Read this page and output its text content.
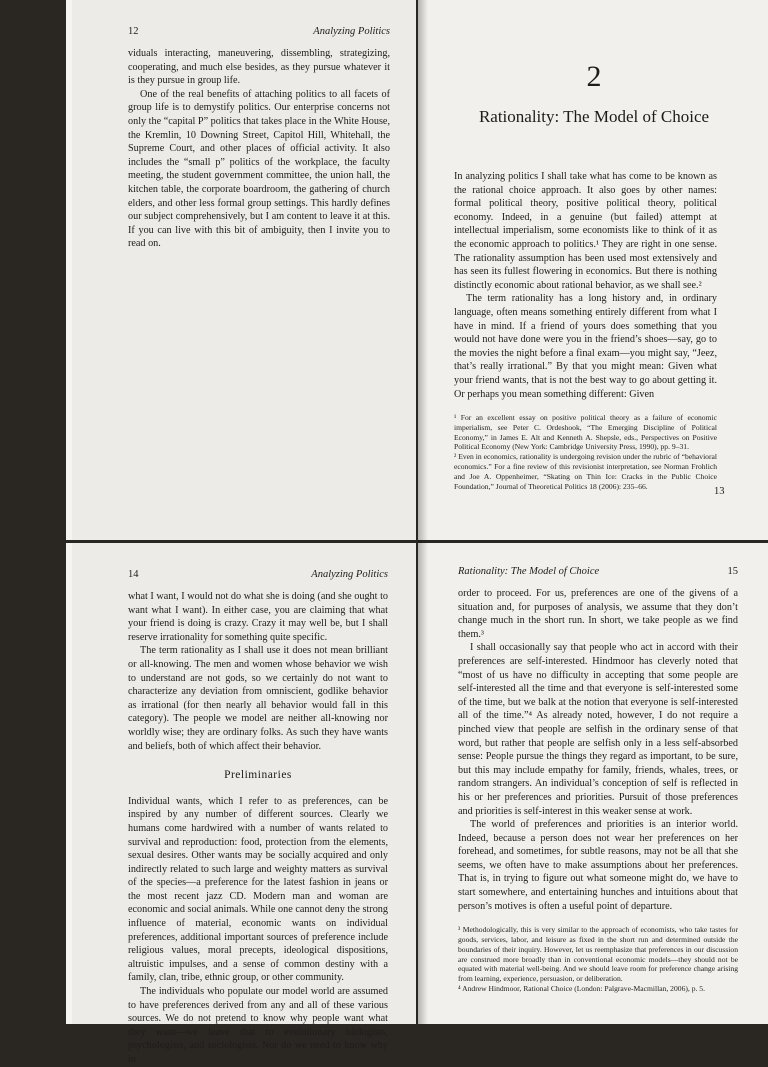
12	Analyzing Politics

viduals interacting, maneuvering, dissembling, strategizing, cooperating, and much else besides, as they pursue whatever it is they pursue in group life.

One of the real benefits of attaching politics to all facets of group life is to demystify politics. Our enterprise concerns not only the “capital P” politics that takes place in the White House, the Kremlin, 10 Downing Street, Capitol Hill, Whitehall, the Supreme Court, and other places of official activity. It also includes the “small p” politics of the workplace, the faculty meeting, the student government committee, the union hall, the kitchen table, the corporate boardroom, the gathering of church elders, and other less formal group settings. This hardly defines our subject comprehensively, but I am content to leave it at this. If you can live with this bit of ambiguity, then I invite you to read on.

2
Rationality: The Model of Choice

In analyzing politics I shall take what has come to be known as the rational choice approach. It also goes by other names: formal political theory, positive political theory, political economy. Indeed, in a genuine (but failed) attempt at intellectual imperialism, some economists like to think of it as the economic approach to politics.¹ They are right in one sense. The rationality assumption has been used most extensively and has seen its fullest flowering in economics. But there is nothing distinctly economic about rational behavior, as we shall see.²

The term rationality has a long history and, in ordinary language, often means something entirely different from what I have in mind. If a friend of yours does something that you would not have done were you in the friend’s shoes—say, go to the movies the night before a final exam—you might say, “Jeez, that’s really irrational.” By that you might mean: Given what your friend wants, that is not the best way to go about getting it. Or perhaps you mean something different: Given

¹ For an excellent essay on positive political theory as a failure of economic imperialism, see Peter C. Ordeshook, “The Emerging Discipline of Political Economy,” in James E. Alt and Kenneth A. Shepsle, eds., Perspectives on Positive Political Economy (New York: Cambridge University Press, 1990), pp. 9–31.

² Even in economics, rationality is undergoing revision under the rubric of “behavioral economics.” For a fine review of this revisionist interpretation, see Norman Frohlich and Joe A. Oppenheimer, “Skating on Thin Ice: Cracks in the Public Choice Foundation,” Journal of Theoretical Politics 18 (2006): 235–66.	13
14	Analyzing Politics

what I want, I would not do what she is doing (and she ought to want what I want). In either case, you are claiming that what your friend is doing is crazy. Crazy it may well be, but I shall reserve irrationality for something quite specific.

The term rationality as I shall use it does not mean brilliant or all-knowing. The men and women whose behavior we wish to understand are not gods, so we certainly do not want to characterize any deviation from omniscient, godlike behavior as irrational (for then nearly all behavior would fall in this category). The people we model are neither all-knowing nor worldly wise; they are ordinary folks. As such they have wants and beliefs, both of which affect their behavior.

Preliminaries

Individual wants, which I refer to as preferences, can be inspired by any number of different sources. Clearly we humans come hardwired with a number of wants related to survival and reproduction: food, protection from the elements, sexual desires. Other wants may be socially acquired and only indirectly related to such large and weighty matters as survival of the species—a preference for the latest fashion in jeans or the most recent jazz CD. Modern man and woman are economic and social animals. While one cannot deny the strong influence of material, economic wants on individual preferences, additional important sources of preference include religious values, moral precepts, ideological dispositions, altruistic impulses, and a sense of common destiny with a family, clan, tribe, ethnic group, or other community.

The individuals who populate our model world are assumed to have preferences derived from any and all of these various sources. We do not pretend to know why people want what they want—we leave that to evolutionary biologists, psychologists, and sociologists. Nor do we need to know why in

Rationality: The Model of Choice	15

order to proceed. For us, preferences are one of the givens of a situation and, for purposes of analysis, we assume that they don’t change much in the short run. In short, we take people as we find them.³

I shall occasionally say that people who act in accord with their preferences are self-interested. Hindmoor has cleverly noted that “most of us have no difficulty in accepting that some people are self-interested all the time and that everyone is self-interested some of the time, but we balk at the notion that everyone is self-interested all of the time.”⁴ As already noted, however, I do not require a pinched view that people are selfish in the ordinary sense of that word, but rather that people are selfish only in a less self-absorbed sense: People pursue the things they regard as important, to be sure, but this may include empathy for family, friends, whales, trees, or random strangers. An individual’s conception of self is reflected in his or her preferences and priorities. Pursuit of those preferences and priorities is self-interest in this weaker sense at work.

The world of preferences and priorities is an interior world. Indeed, because a person does not wear her preferences on her forehead, and sometimes, for subtle reasons, may not be all that she seems, we often have to make assumptions about her preferences. That is, in trying to figure out what someone might do, we have to start somewhere, and entertaining hunches and intuitions about that person’s motives is often a useful point of departure.

³ Methodologically, this is very similar to the approach of economists, who take tastes for goods, services, labor, and leisure as fixed in the short run and determined outside the boundaries of their inquiry. However, let us reemphasize that preferences in our discussion are construed more broadly than in conventional economic models—they should not be equated with material well-being. And we should leave room for preference change arising from learning, experience, persuasion, or deliberation.

⁴ Andrew Hindmoor, Rational Choice (London: Palgrave-Macmillan, 2006), p. 5.
